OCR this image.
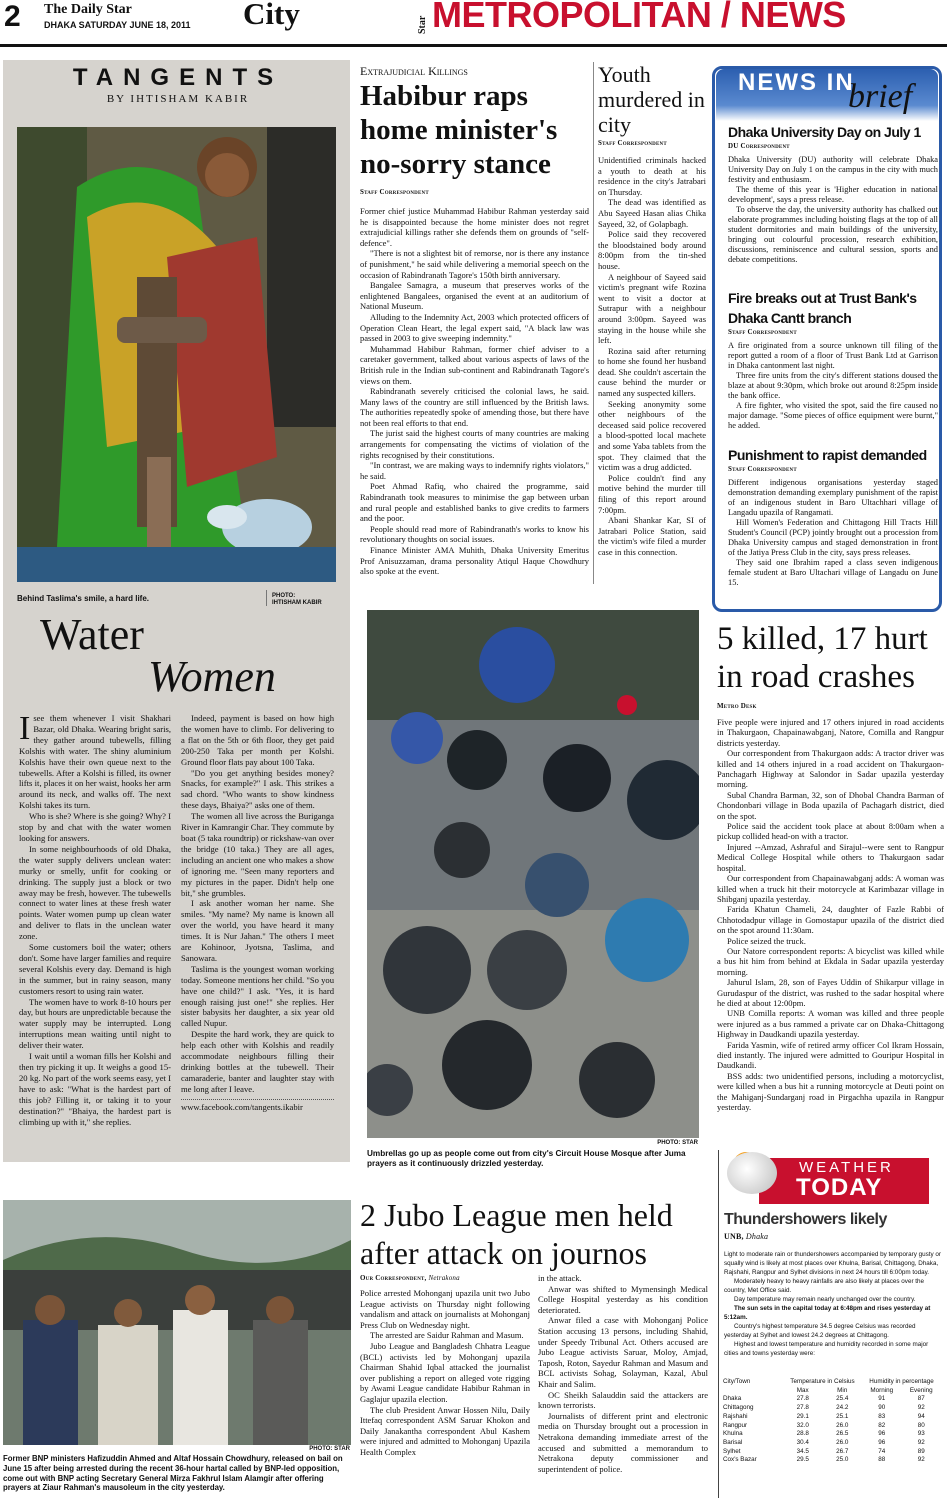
2 The Daily Star
DHAKA SATURDAY JUNE 18, 2011 City	Star METROPOLITAN / NEWS
TANGENTS
BY IHTISHAM KABIR
Behind Taslima's smile, a hard life.	PHOTO:
IHTISHAM KABIR
Water
Women

Isee them whenever I visit Shakhari Bazar, old Dhaka. Wearing bright saris, they gather around tubewells, filling Kolshis with water. The shiny aluminium Kolshis have their own queue next to the tubewells. After a Kolshi is filled, its owner lifts it, places it on her waist, hooks her arm around its neck, and walks off. The next Kolshi takes its turn.

Who is she? Where is she going? Why? I stop by and chat with the water women looking for answers.

In some neighbourhoods of old Dhaka, the water supply delivers unclean water: murky or smelly, unfit for cooking or drinking. The supply just a block or two away may be fresh, however. The tubewells connect to water lines at these fresh water points. Water women pump up clean water and deliver to flats in the unclean water zone.

Some customers boil the water; others don't. Some have larger families and require several Kolshis every day. Demand is high in the summer, but in rainy season, many customers resort to using rain water.

The women have to work 8-10 hours per day, but hours are unpredictable because the water supply may be interrupted. Long interruptions mean waiting until night to deliver their water.

I wait until a woman fills her Kolshi and then try picking it up. It weighs a good 15-20 kg. No part of the work seems easy, yet I have to ask: "What is the hardest part of this job? Filling it, or taking it to your destination?" "Bhaiya, the hardest part is climbing up with it," she replies.

Indeed, payment is based on how high the women have to climb. For delivering to a flat on the 5th or 6th floor, they get paid 200-250 Taka per month per Kolshi. Ground floor flats pay about 100 Taka.

"Do you get anything besides money? Snacks, for example?" I ask. This strikes a sad chord. "Who wants to show kindness these days, Bhaiya?" asks one of them.

The women all live across the Buriganga River in Kamrangir Char. They commute by boat (5 taka roundtrip) or rickshaw-van over the bridge (10 taka.) They are all ages, including an ancient one who makes a show of ignoring me. "Seen many reporters and my pictures in the paper. Didn't help one bit," she grumbles.

I ask another woman her name. She smiles. "My name? My name is known all over the world, you have heard it many times. It is Nur Jahan." The others I meet are Kohinoor, Jyotsna, Taslima, and Sanowara.

Taslima is the youngest woman working today. Someone mentions her child. "So you have one child?" I ask. "Yes, it is hard enough raising just one!" she replies. Her sister babysits her daughter, a six year old called Nupur.

Despite the hard work, they are quick to help each other with Kolshis and readily accommodate neighbours filling their drinking bottles at the tubewell. Their camaraderie, banter and laughter stay with me long after I leave.

www.facebook.com/tangents.ikabir
Extrajudicial Killings
Habibur raps home minister's no-sorry stance
Staff Correspondent

Former chief justice Muhammad Habibur Rahman yesterday said he is disappointed because the home minister does not regret extrajudicial killings rather she defends them on grounds of "self-defence".

"There is not a slightest bit of remorse, nor is there any instance of punishment," he said while delivering a memorial speech on the occasion of Rabindranath Tagore's 150th birth anniversary.

Bangalee Samagra, a museum that preserves works of the enlightened Bangalees, organised the event at an auditorium of National Museum.

Alluding to the Indemnity Act, 2003 which protected officers of Operation Clean Heart, the legal expert said, "A black law was passed in 2003 to give sweeping indemnity."

Muhammad Habibur Rahman, former chief adviser to a caretaker government, talked about various aspects of laws of the British rule in the Indian sub-continent and Rabindranath Tagore's views on them.

Rabindranath severely criticised the colonial laws, he said. Many laws of the country are still influenced by the British laws. The authorities repeatedly spoke of amending those, but there have not been real efforts to that end.

The jurist said the highest courts of many countries are making arrangements for compensating the victims of violation of the rights recognised by their constitutions.

"In contrast, we are making ways to indemnify rights violators," he said.

Poet Ahmad Rafiq, who chaired the programme, said Rabindranath took measures to minimise the gap between urban and rural people and established banks to give credits to farmers and the poor.

People should read more of Rabindranath's works to know his revolutionary thoughts on social issues.

Finance Minister AMA Muhith, Dhaka University Emeritus Prof Anisuzzaman, drama personality Atiqul Haque Chowdhury also spoke at the event.

Youth murdered in city
Staff Correspondent

Unidentified criminals hacked a youth to death at his residence in the city's Jatrabari on Thursday.

The dead was identified as Abu Sayeed Hasan alias Chika Sayeed, 32, of Golapbagh.

Police said they recovered the bloodstained body around 8:00pm from the tin-shed house.

A neighbour of Sayeed said victim's pregnant wife Rozina went to visit a doctor at Sutrapur with a neighbour around 3:00pm. Sayeed was staying in the house while she left.

Rozina said after returning to home she found her husband dead. She couldn't ascertain the cause behind the murder or named any suspected killers.

Seeking anonymity some other neighbours of the deceased said police recovered a blood-spotted local machete and some Yaba tablets from the spot. They claimed that the victim was a drug addicted.

Police couldn't find any motive behind the murder till filing of this report around 7:00pm.

Abani Shankar Kar, SI of Jatrabari Police Station, said the victim's wife filed a murder case in this connection.

NEWS IN
brief
Dhaka University Day on July 1
DU Correspondent

Dhaka University (DU) authority will celebrate Dhaka University Day on July 1 on the campus in the city with much festivity and enthusiasm.

The theme of this year is 'Higher education in national development', says a press release.

To observe the day, the university authority has chalked out elaborate programmes including hoisting flags at the top of all student dormitories and main buildings of the university, bringing out colourful procession, research exhibition, discussions, reminiscence and cultural session, sports and debate competitions.

Fire breaks out at Trust Bank's Dhaka Cantt branch
Staff Correspondent

A fire originated from a source unknown till filing of the report gutted a room of a floor of Trust Bank Ltd at Garrison in Dhaka cantonment last night.

Three fire units from the city's different stations doused the blaze at about 9:30pm, which broke out around 8:25pm inside the bank office.

A fire fighter, who visited the spot, said the fire caused no major damage. "Some pieces of office equipment were burnt," he added.

Punishment to rapist demanded
Staff Correspondent

Different indigenous organisations yesterday staged demonstration demanding exemplary punishment of the rapist of an indigenous student in Baro Ultachhari village of Langadu upazila of Rangamati.

Hill Women's Federation and Chittagong Hill Tracts Hill Student's Council (PCP) jointly brought out a procession from Dhaka University campus and staged demonstration in front of the Jatiya Press Club in the city, says press releases.

They said one Ibrahim raped a class seven indigenous female student at Baro Ultachari village of Langadu on June 15.

PHOTO: STAR
Umbrellas go up as people come out from city's Circuit House Mosque after Juma prayers as it continuously drizzled yesterday.
5 killed, 17 hurt in road crashes
Metro Desk

Five people were injured and 17 others injured in road accidents in Thakurgaon, Chapainawabganj, Natore, Comilla and Rangpur districts yesterday.

Our correspondent from Thakurgaon adds: A tractor driver was killed and 14 others injured in a road accident on Thakurgaon-Panchagarh Highway at Salondor in Sadar upazila yesterday morning.

Subal Chandra Barman, 32, son of Dhobal Chandra Barman of Chondonbari village in Boda upazila of Pachagarh district, died on the spot.

Police said the accident took place at about 8:00am when a pickup collided head-on with a tractor.

Injured --Amzad, Ashraful and Sirajul--were sent to Rangpur Medical College Hospital while others to Thakurgaon sadar hospital.

Our correspondent from Chapainawabganj adds: A woman was killed when a truck hit their motorcycle at Karimbazar village in Shibganj upazila yesterday.

Farida Khatun Chameli, 24, daughter of Fazle Rabbi of Chhotodadpur village in Gomostapur upazila of the district died on the spot around 11:30am.

Police seized the truck.

Our Natore correspondent reports: A bicyclist was killed while a bus hit him from behind at Ekdala in Sadar upazila yesterday morning.

Jahurul Islam, 28, son of Fayes Uddin of Shikarpur village in Gurudaspur of the district, was rushed to the sadar hospital where he died at about 12:00pm.

UNB Comilla reports: A woman was killed and three people were injured as a bus rammed a private car on Dhaka-Chittagong Highway in Daudkandi upazila yesterday.

Farida Yasmin, wife of retired army officer Col Ikram Hossain, died instantly. The injured were admitted to Gouripur Hospital in Daudkandi.

BSS adds: two unidentified persons, including a motorcyclist, were killed when a bus hit a running motorcycle at Deuti point on the Mahiganj-Sundarganj road in Pirgachha upazila in Rangpur yesterday.

WEATHER
TODAY
Thundershowers likely
UNB, Dhaka

Light to moderate rain or thundershowers accompanied by temporary gusty or squally wind is likely at most places over Khulna, Barisal, Chittagong, Dhaka, Rajshahi, Rangpur and Sylhet divisions in next 24 hours till 6:00pm today.

Moderately heavy to heavy rainfalls are also likely at places over the country, Met Office said.

Day temperature may remain nearly unchanged over the country.

The sun sets in the capital today at 6:48pm and rises yesterday at 5:12am.

Country's highest temperature 34.5 degree Celsius was recorded yesterday at Sylhet and lowest 24.2 degrees at Chittagong.

Highest and lowest temperature and humidity recorded in some major cities and towns yesterday were:

City/Town	Temperature in Celsius		Humidity in percentage	
	Max	Min	Morning	Evening
Dhaka	27.8	25.4	91	87
Chittagong	27.8	24.2	90	92
Rajshahi	29.1	25.1	83	94
Rangpur	32.0	26.0	82	80
Khulna	28.8	26.5	96	93
Barisal	30.4	26.0	96	92
Sylhet	34.5	26.7	74	89
Cox's Bazar	29.5	25.0	88	92
PHOTO: STAR
Former BNP ministers Hafizuddin Ahmed and Altaf Hossain Chowdhury, released on bail on June 15 after being arrested during the recent 36-hour hartal called by BNP-led opposition, come out with BNP acting Secretary General Mirza Fakhrul Islam Alamgir after offering prayers at Ziaur Rahman's mausoleum in the city yesterday.
2 Jubo League men held after attack on journos
Our Correspondent, Netrakona

Police arrested Mohonganj upazila unit two Jubo League activists on Thursday night following vandalism and attack on journalists at Mohonganj Press Club on Wednesday night.

The arrested are Saidur Rahman and Masum.

Jubo League and Bangladesh Chhatra League (BCL) activists led by Mohonganj upazila Chairman Shahid Iqbal attacked the journalist over publishing a report on alleged vote rigging by Awami League candidate Habibur Rahman in Gaglajur upazila election.

The club President Anwar Hossen Nilu, Daily Ittefaq correspondent ASM Saruar Khokon and Daily Janakantha correspondent Abul Kashem were injured and admitted to Mohonganj Upazila Health Complex

in the attack.

Anwar was shifted to Mymensingh Medical College Hospital yesterday as his condition deteriorated.

Anwar filed a case with Mohonganj Police Station accusing 13 persons, including Shahid, under Speedy Tribunal Act. Others accused are Jubo League activists Saruar, Moloy, Amjad, Taposh, Roton, Sayedur Rahman and Masum and BCL activists Sohag, Solayman, Kazal, Abul Khair and Salim.

OC Sheikh Salauddin said the attackers are known terrorists.

Journalists of different print and electronic media on Thursday brought out a procession in Netrakona demanding immediate arrest of the accused and submitted a memorandum to Netrakona deputy commissioner and superintendent of police.
